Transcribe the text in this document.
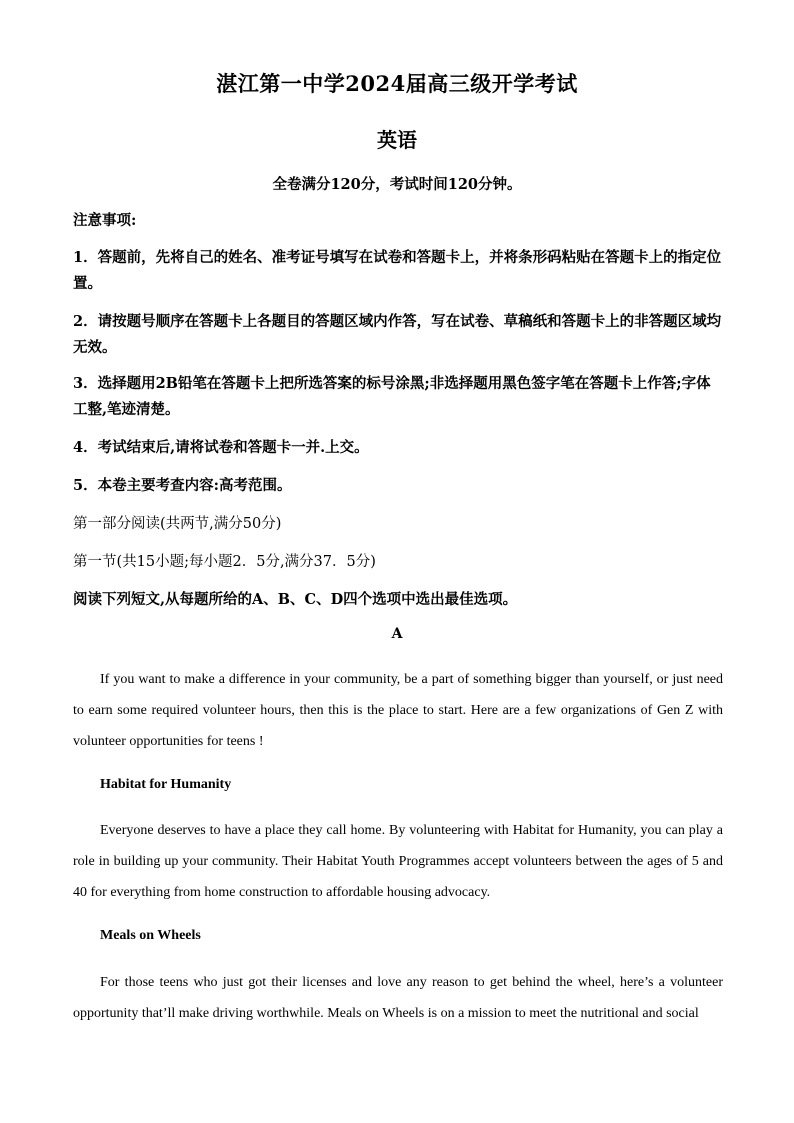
湛江第一中学2024届高三级开学考试
英语
全卷满分120分，考试时间120分钟。
注意事项:
1．答题前，先将自己的姓名、准考证号填写在试卷和答题卡上，并将条形码粘贴在答题卡上的指定位置。
2．请按题号顺序在答题卡上各题目的答题区域内作答，写在试卷、草稿纸和答题卡上的非答题区域均无效。
3．选择题用2B铅笔在答题卡上把所选答案的标号涂黑;非选择题用黑色签字笔在答题卡上作答;字体工整,笔迹清楚。
4．考试结束后,请将试卷和答题卡一并.上交。
5．本卷主要考查内容:高考范围。
第一部分阅读(共两节,满分50分)
第一节(共15小题;每小题2．5分,满分37．5分)
阅读下列短文,从每题所给的A、B、C、D四个选项中选出最佳选项。
A
If you want to make a difference in your community, be a part of something bigger than yourself, or just need to earn some required volunteer hours, then this is the place to start. Here are a few organizations of Gen Z with volunteer opportunities for teens !
Habitat for Humanity
Everyone deserves to have a place they call home. By volunteering with Habitat for Humanity, you can play a role in building up your community. Their Habitat Youth Programmes accept volunteers between the ages of 5 and 40 for everything from home construction to affordable housing advocacy.
Meals on Wheels
For those teens who just got their licenses and love any reason to get behind the wheel, here’s a volunteer opportunity that’ll make driving worthwhile. Meals on Wheels is on a mission to meet the nutritional and social
